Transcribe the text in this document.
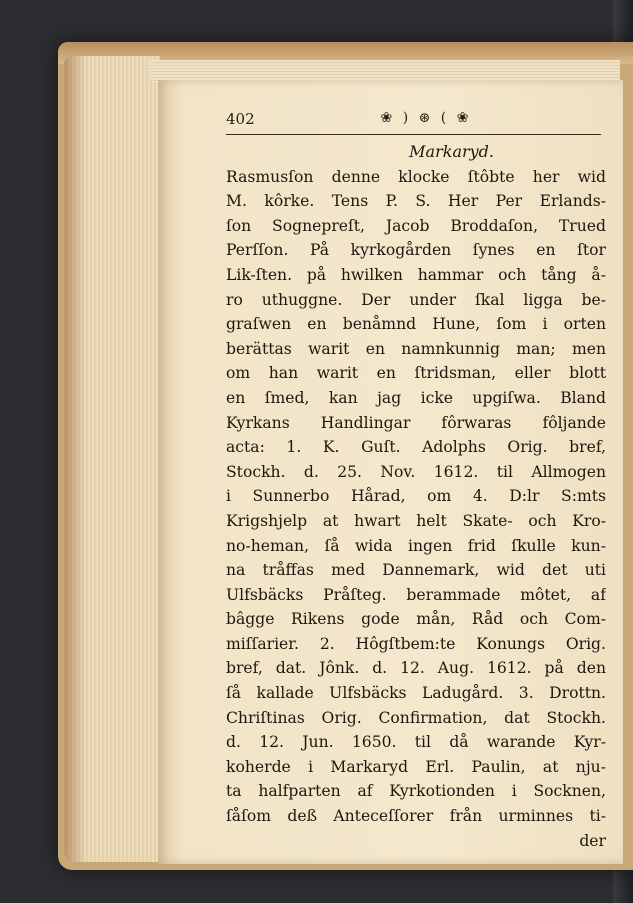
402	❀ ) ⊛ ( ❀
Markaryd.
Rasmusſon denne klocke ſtôbte her wid
M. kôrke. Tens P. S. Her Per Erlands-
ſon Sognepreſt, Jacob Broddaſon, Trued
Perſſon. På kyrkogården ſynes en ſtor
Lik-ſten. på hwilken hammar och tång å-
ro uthuggne. Der under ſkal ligga be-
graſwen en benåmnd Hune, ſom i orten
berättas warit en namnkunnig man; men
om han warit en ſtridsman, eller blott
en ſmed, kan jag icke upgiſwa. Bland
Kyrkans Handlingar fôrwaras fôljande
acta: 1. K. Guſt. Adolphs Orig. bref,
Stockh. d. 25. Nov. 1612. til Allmogen
i Sunnerbo Hårad, om 4. D:lr S:mts
Krigshjelp at hwart helt Skate- och Kro-
no-heman, ſå wida ingen frid ſkulle kun-
na tråffas med Dannemark, wid det uti
Ulfsbäcks Pråſteg. berammade môtet, af
bâgge Rikens gode mån, Råd och Com-
miſſarier. 2. Hôgſtbem:te Konungs Orig.
bref, dat. Jônk. d. 12. Aug. 1612. på den
ſå kallade Ulfsbäcks Ladugård. 3. Drottn.
Chriſtinas Orig. Confirmation, dat Stockh.
d. 12. Jun. 1650. til då warande Kyr-
koherde i Markaryd Erl. Paulin, at nju-
ta halfparten af Kyrkotionden i Socknen,
ſåſom deß Anteceſſorer från urminnes ti-
der
